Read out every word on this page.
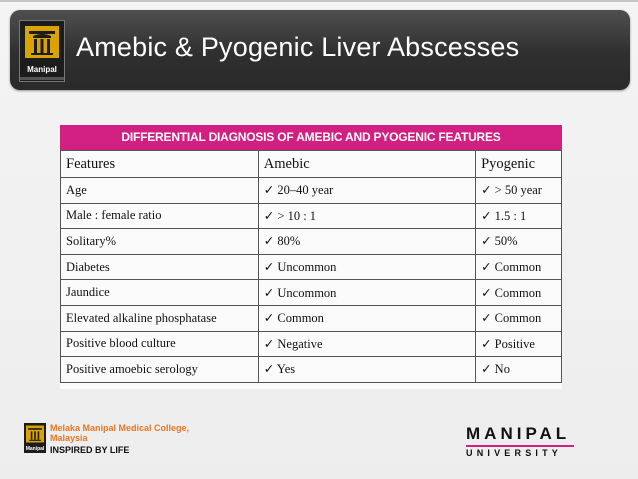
Manipal
Amebic & Pyogenic Liver Abscesses
DIFFERENTIAL DIAGNOSIS OF AMEBIC AND PYOGENIC FEATURES
Features	Amebic	Pyogenic
Age	✓ 20–40 year	✓ > 50 year
Male : female ratio	✓ > 10 : 1	✓ 1.5 : 1
Solitary%	✓ 80%	✓ 50%
Diabetes	✓ Uncommon	✓ Common
Jaundice	✓ Uncommon	✓ Common
Elevated alkaline phosphatase	✓ Common	✓ Common
Positive blood culture	✓ Negative	✓ Positive
Positive amoebic serology	✓ Yes	✓ No
Manipal
Melaka Manipal Medical College,
Malaysia
INSPIRED BY LIFE
MANIPAL
UNIVERSITY
